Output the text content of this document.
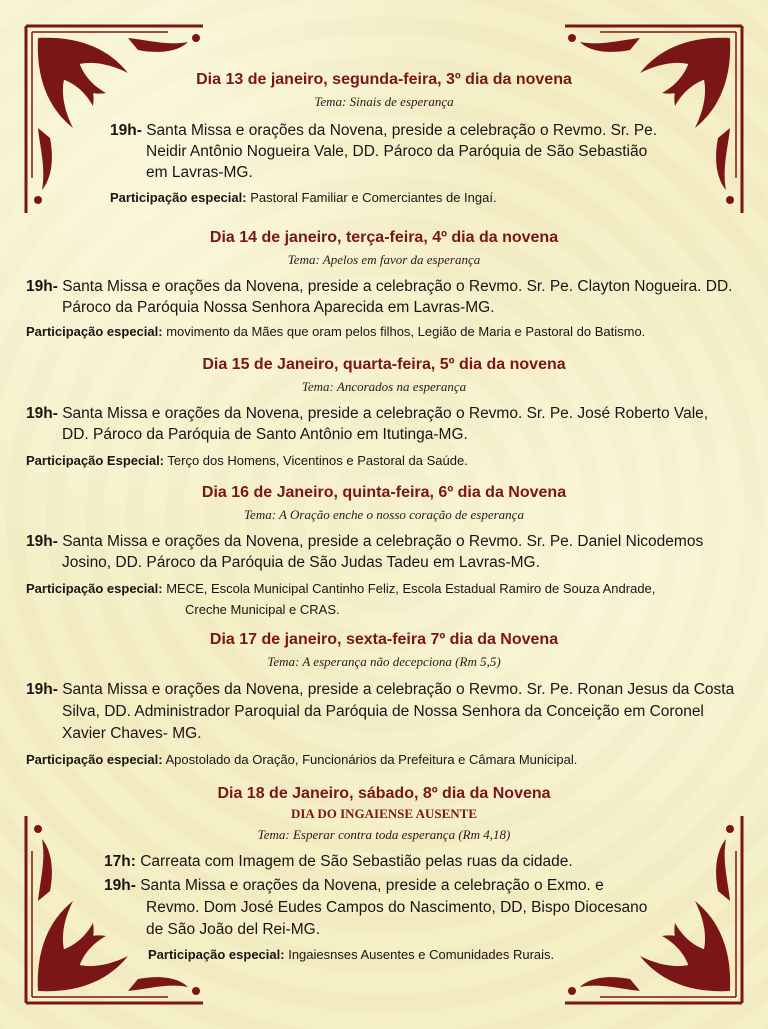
Dia 13 de janeiro, segunda-feira, 3º dia da novena
Tema: Sinais de esperança
19h- Santa Missa e orações da Novena, preside a celebração o Revmo. Sr. Pe.
Neidir Antônio Nogueira Vale, DD. Pároco da Paróquia de São Sebastião
em Lavras-MG.
Participação especial: Pastoral Familiar e Comerciantes de Ingaí.
Dia 14 de janeiro, terça-feira, 4º dia da novena
Tema: Apelos em favor da esperança
19h- Santa Missa e orações da Novena, preside a celebração o Revmo. Sr. Pe. Clayton Nogueira. DD.
Pároco da Paróquia Nossa Senhora Aparecida em Lavras-MG.
Participação especial: movimento da Mães que oram pelos filhos, Legião de Maria e Pastoral do Batismo.
Dia 15 de Janeiro, quarta-feira, 5º dia da novena
Tema: Ancorados na esperança
19h- Santa Missa e orações da Novena, preside a celebração o Revmo. Sr. Pe. José Roberto Vale,
DD. Pároco da Paróquia de Santo Antônio em Itutinga-MG.
Participação Especial: Terço dos Homens, Vicentinos e Pastoral da Saúde.
Dia 16 de Janeiro, quinta-feira, 6º dia da Novena
Tema: A Oração enche o nosso coração de esperança
19h- Santa Missa e orações da Novena, preside a celebração o Revmo. Sr. Pe. Daniel Nicodemos
Josino, DD. Pároco da Paróquia de São Judas Tadeu em Lavras-MG.
Participação especial: MECE, Escola Municipal Cantinho Feliz, Escola Estadual Ramiro de Souza Andrade,
Creche Municipal e CRAS.
Dia 17 de janeiro, sexta-feira 7º dia da Novena
Tema: A esperança não decepciona (Rm 5,5)
19h- Santa Missa e orações da Novena, preside a celebração o Revmo. Sr. Pe. Ronan Jesus da Costa
Silva, DD. Administrador Paroquial da Paróquia de Nossa Senhora da Conceição em Coronel
Xavier Chaves- MG.
Participação especial: Apostolado da Oração, Funcionários da Prefeitura e Câmara Municipal.
Dia 18 de Janeiro, sábado, 8º dia da Novena
DIA DO INGAIENSE AUSENTE
Tema: Esperar contra toda esperança (Rm 4,18)
17h: Carreata com Imagem de São Sebastião pelas ruas da cidade.
19h- Santa Missa e orações da Novena, preside a celebração o Exmo. e
Revmo. Dom José Eudes Campos do Nascimento, DD, Bispo Diocesano
de São João del Rei-MG.
Participação especial: Ingaiesnses Ausentes e Comunidades Rurais.
